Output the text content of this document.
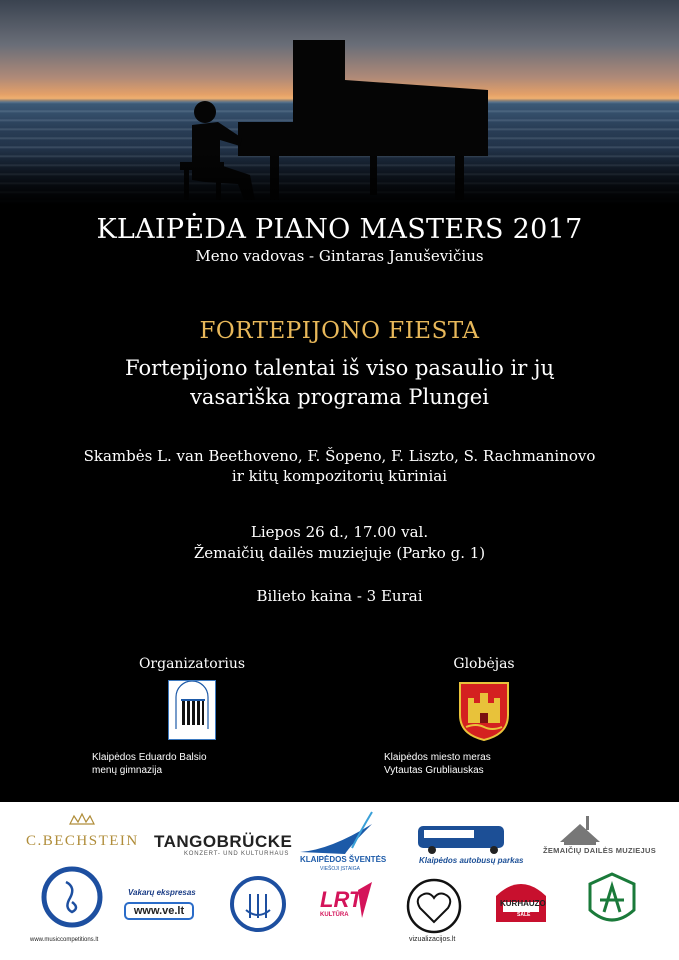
KLAIPĖDA PIANO MASTERS 2017
Meno vadovas - Gintaras Januševičius
FORTEPIJONO FIESTA
Fortepijono talentai iš viso pasaulio ir jų
vasariška programa Plungei
Skambės L. van Beethoveno, F. Šopeno, F. Liszto, S. Rachmaninovo
ir kitų kompozitorių kūriniai
Liepos 26 d., 17.00 val.
Žemaičių dailės muziejuje (Parko g. 1)
Bilieto kaina - 3 Eurai
Organizatorius	Globėjas
Klaipėdos Eduardo Balsio
menų gimnazija
Klaipėdos miesto meras
Vytautas Grubliauskas
C.BECHSTEIN TANGOBRÜCKE
KONZERT- UND KULTURHAUS
KLAIPĖDOS ŠVENTĖS
VIEŠOJI ĮSTAIGA
Klaipėdos autobusų parkas
ŽEMAIČIŲ DAILĖS MUZIEJUS
www.musiccompetitions.lt
Vakarų ekspresas
www.ve.lt	LRT
KULTŪRA
vizualizacijos.lt
KURHAUZO
SALĖ
